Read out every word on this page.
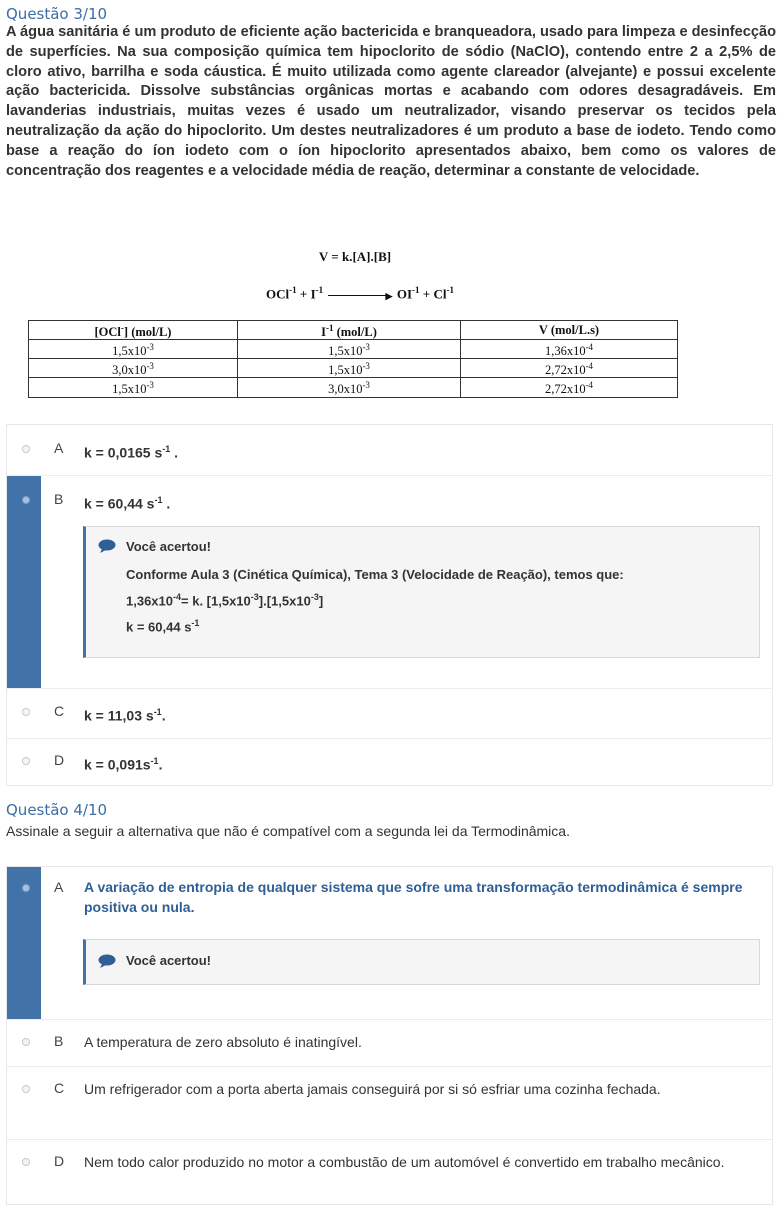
Questão 3/10
A água sanitária é um produto de eficiente ação bactericida e branqueadora, usado para limpeza e desinfecção de superfícies. Na sua composição química tem hipoclorito de sódio (NaClO), contendo entre 2 a 2,5% de cloro ativo, barrilha e soda cáustica. É muito utilizada como agente clareador (alvejante) e possui excelente ação bactericida. Dissolve substâncias orgânicas mortas e acabando com odores desagradáveis. Em lavanderias industriais, muitas vezes é usado um neutralizador, visando preservar os tecidos pela neutralização da ação do hipoclorito. Um destes neutralizadores é um produto a base de iodeto. Tendo como base a reação do íon iodeto com o íon hipoclorito apresentados abaixo, bem como os valores de concentração dos reagentes e a velocidade média de reação, determinar a constante de velocidade.
V = k.[A].[B]
$OCl^{-1} + I^{-1}$
▶ $OI^{-1} + Cl^{-1}$
[OCl-] (mol/L)	$I^{-1}$ (mol/L)	V (mol/L.s)
$1,5x10^{-3}$	$1,5x10^{-3}$	$1,36x10^{-4}$
$3,0x10^{-3}$	$1,5x10^{-3}$	$2,72x10^{-4}$
$1,5x10^{-3}$	$3,0x10^{-3}$	$2,72x10^{-4}$
A k = 0,0165 $s^{-1}$ .
B k = 60,44 $s^{-1}$ .
Você acertou!
Conforme Aula 3 (Cinética Química), Tema 3 (Velocidade de Reação), temos que:
$1,36x10^{-4}= k$. $[1,5x10^{-3}].[1,5x10^{-3}]$
k = 60,44 $s^{-1}$
C k = 11,03 $s^{-1}$.
D $k = 0,091s^{-1}$.
Questão 4/10
Assinale a seguir a alternativa que não é compatível com a segunda lei da Termodinâmica.
A A variação de entropia de qualquer sistema que sofre uma transformação termodinâmica é sempre positiva ou nula.
Você acertou!
B A temperatura de zero absoluto é inatingível.
C Um refrigerador com a porta aberta jamais conseguirá por si só esfriar uma cozinha fechada.
D Nem todo calor produzido no motor a combustão de um automóvel é convertido em trabalho mecânico.
